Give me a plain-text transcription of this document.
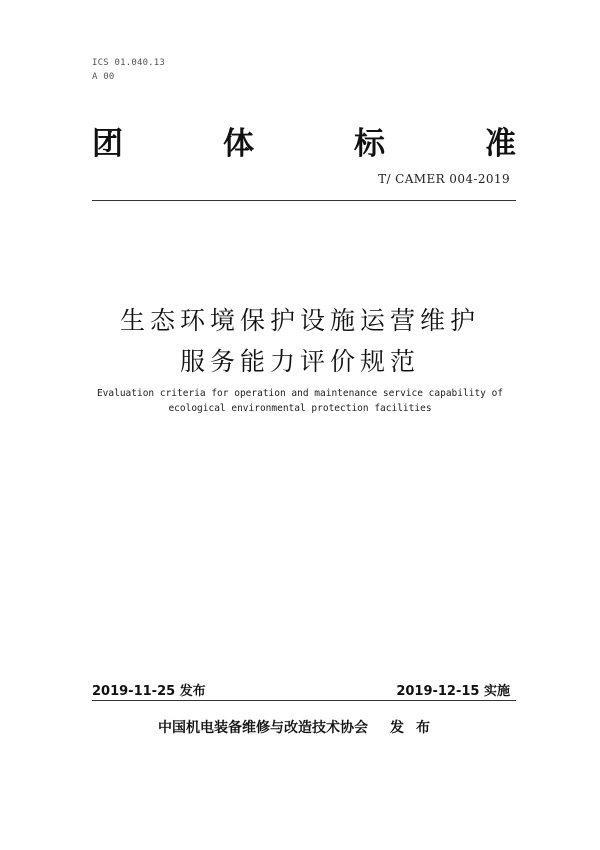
ICS 01.040.13
A 00
团	体	标	准
T/ CAMER 004-2019
生态环境保护设施运营维护
服务能力评价规范
Evaluation criteria for operation and maintenance service capability of
ecological environmental protection facilities
2019-11-25 发布	2019-12-15 实施
中国机电装备维修与改造技术协会 发布
